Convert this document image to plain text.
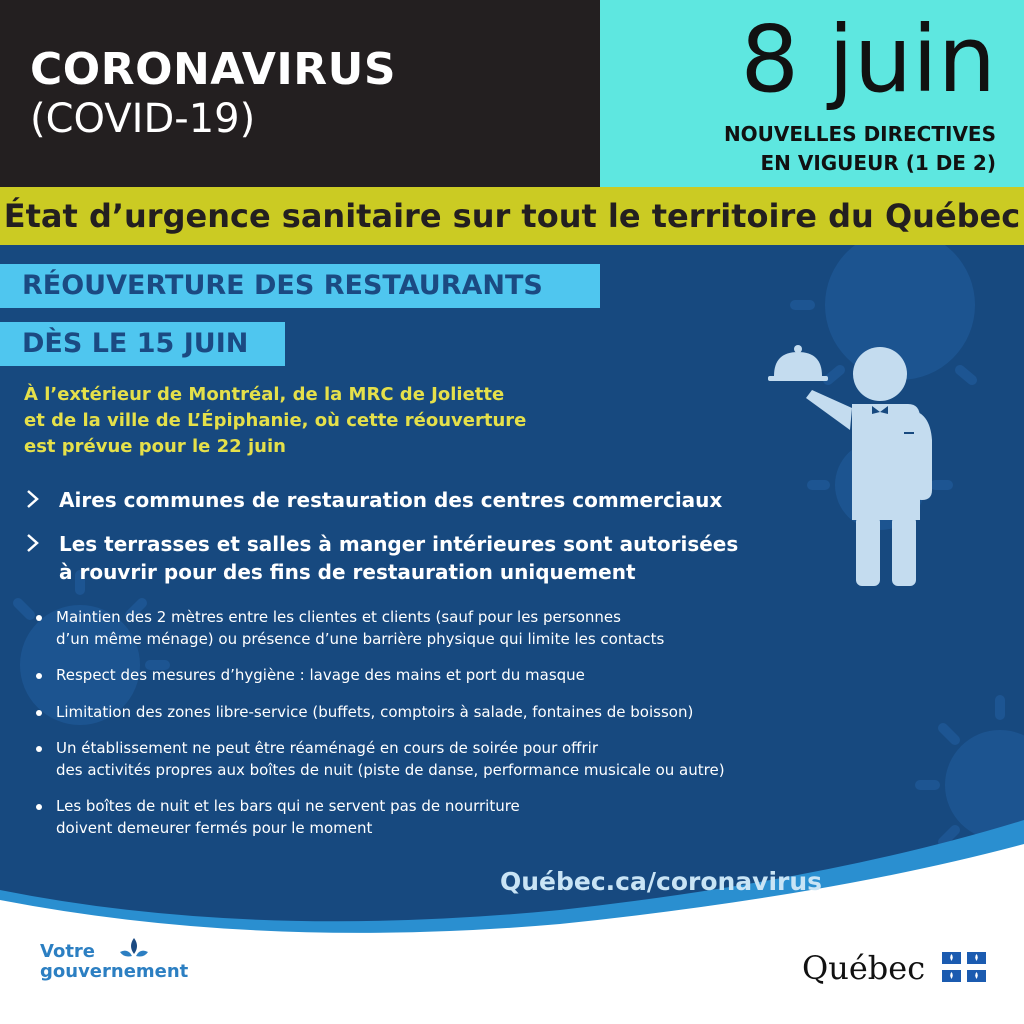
CORONAVIRUS
(COVID-19)
8 juin
NOUVELLES DIRECTIVES
EN VIGUEUR (1 DE 2)
État d’urgence sanitaire sur tout le territoire du Québec
RÉOUVERTURE DES RESTAURANTS
DÈS LE 15 JUIN
À l’extérieur de Montréal, de la MRC de Joliette
et de la ville de L’Épiphanie, où cette réouverture
est prévue pour le 22 juin
Aires communes de restauration des centres commerciaux
Les terrasses et salles à manger intérieures sont autorisées
à rouvrir pour des fins de restauration uniquement
Maintien des 2 mètres entre les clientes et clients (sauf pour les personnes
d’un même ménage) ou présence d’une barrière physique qui limite les contacts
Respect des mesures d’hygiène : lavage des mains et port du masque
Limitation des zones libre-service (buffets, comptoirs à salade, fontaines de boisson)
Un établissement ne peut être réaménagé en cours de soirée pour offrir
des activités propres aux boîtes de nuit (piste de danse, performance musicale ou autre)
Les boîtes de nuit et les bars qui ne servent pas de nourriture
doivent demeurer fermés pour le moment
Québec.ca/coronavirus
Votre
gouvernement	Québec
